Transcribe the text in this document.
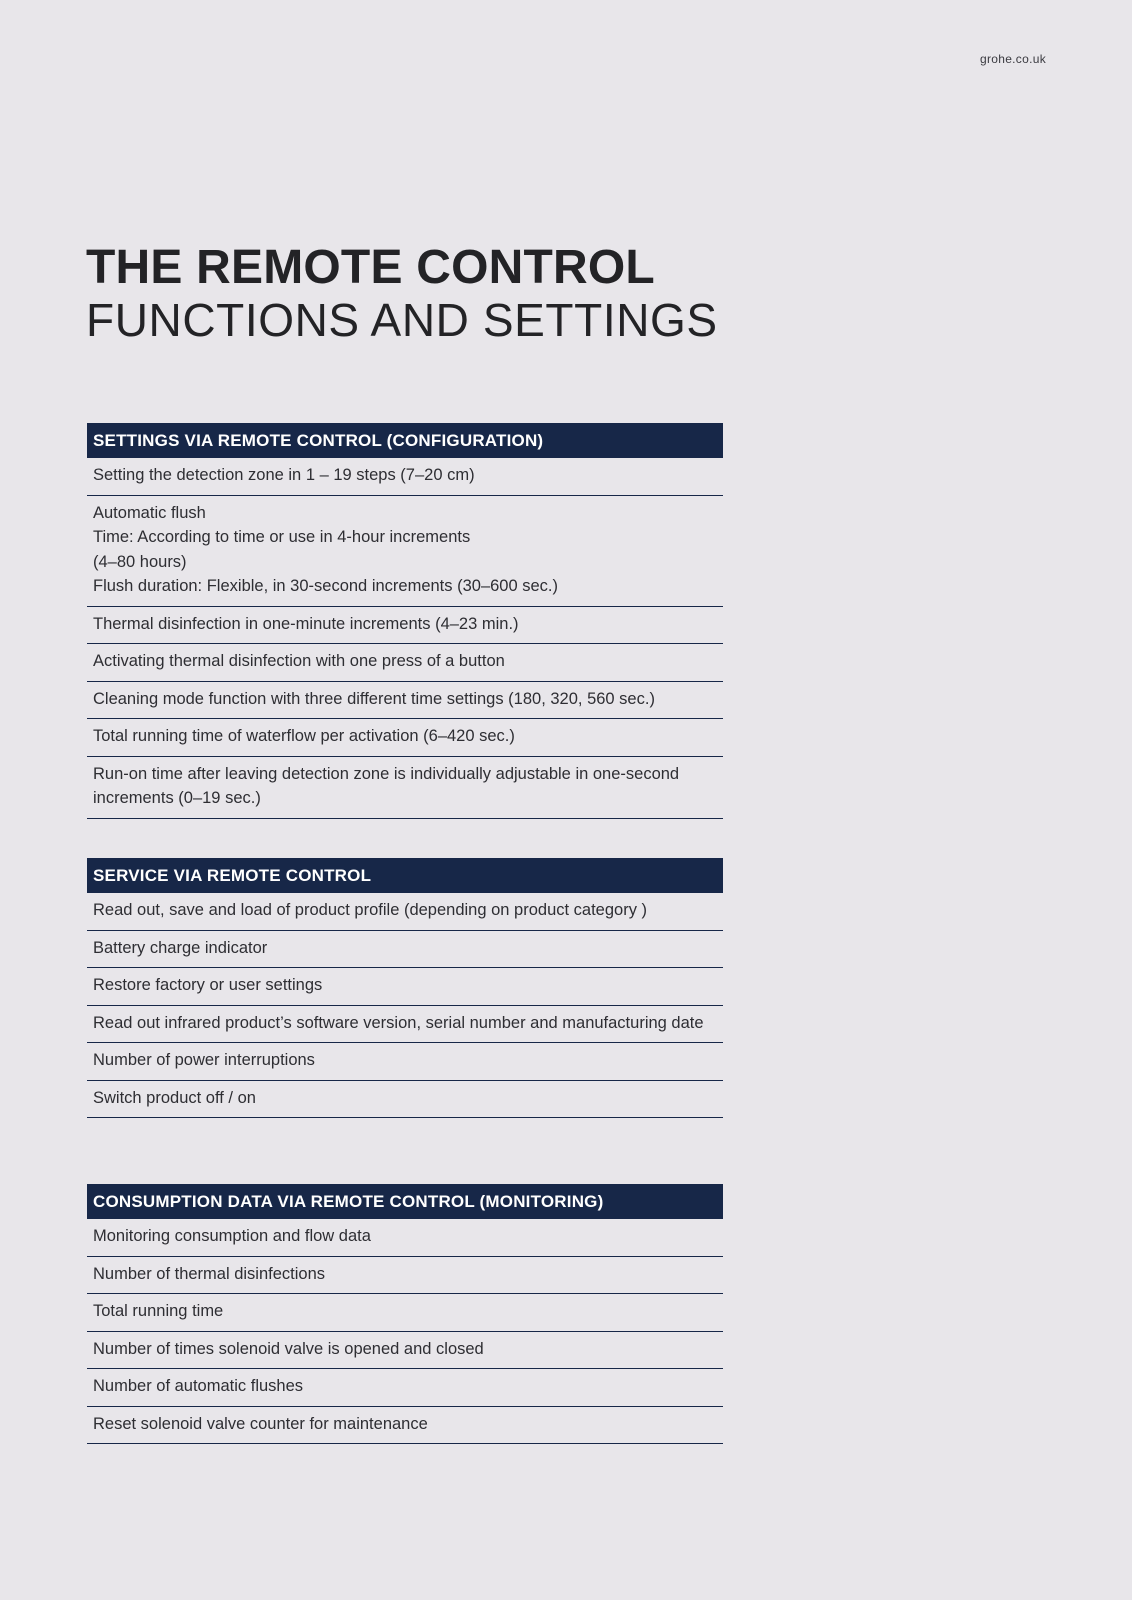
grohe.co.uk
THE REMOTE CONTROL
FUNCTIONS AND SETTINGS
SETTINGS VIA REMOTE CONTROL (CONFIGURATION)
Setting the detection zone in 1 – 19 steps (7–20 cm)
Automatic flush
Time: According to time or use in 4-hour increments
(4–80 hours)
Flush duration: Flexible, in 30-second increments (30–600 sec.)
Thermal disinfection in one-minute increments (4–23 min.)
Activating thermal disinfection with one press of a button
Cleaning mode function with three different time settings (180, 320, 560 sec.)
Total running time of waterflow per activation (6–420 sec.)
Run-on time after leaving detection zone is individually adjustable in one-second increments (0–19 sec.)
SERVICE VIA REMOTE CONTROL
Read out, save and load of product profile (depending on product category )
Battery charge indicator
Restore factory or user settings
Read out infrared product’s software version, serial number and manufacturing date
Number of power interruptions
Switch product off / on
CONSUMPTION DATA VIA REMOTE CONTROL (MONITORING)
Monitoring consumption and flow data
Number of thermal disinfections
Total running time
Number of times solenoid valve is opened and closed
Number of automatic flushes
Reset solenoid valve counter for maintenance
